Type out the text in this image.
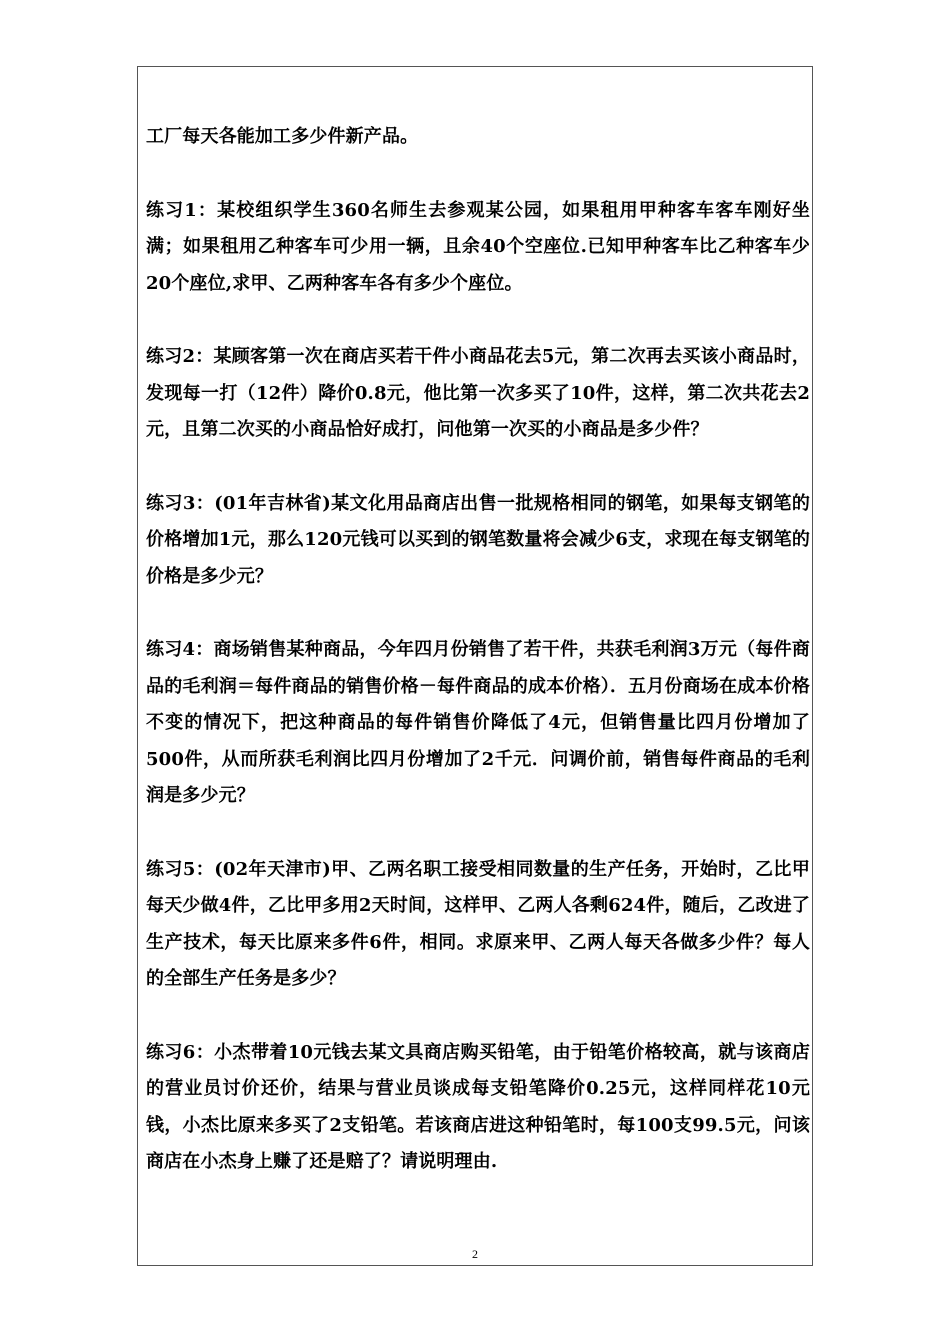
工厂每天各能加工多少件新产品。

练习1：某校组织学生360名师生去参观某公园，如果租用甲种客车客车刚好坐满；如果租用乙种客车可少用一辆，且余40个空座位.已知甲种客车比乙种客车少20个座位,求甲、乙两种客车各有多少个座位。

练习2：某顾客第一次在商店买若干件小商品花去5元，第二次再去买该小商品时，发现每一打（12件）降价0.8元，他比第一次多买了10件，这样，第二次共花去2元，且第二次买的小商品恰好成打，问他第一次买的小商品是多少件？

练习3：(01年吉林省)某文化用品商店出售一批规格相同的钢笔，如果每支钢笔的价格增加1元，那么120元钱可以买到的钢笔数量将会减少6支，求现在每支钢笔的价格是多少元？

练习4：商场销售某种商品，今年四月份销售了若干件，共获毛利润3万元（每件商品的毛利润＝每件商品的销售价格－每件商品的成本价格）．五月份商场在成本价格不变的情况下，把这种商品的每件销售价降低了4元，但销售量比四月份增加了500件，从而所获毛利润比四月份增加了2千元．问调价前，销售每件商品的毛利润是多少元？

练习5：(02年天津市)甲、乙两名职工接受相同数量的生产任务，开始时，乙比甲每天少做4件，乙比甲多用2天时间，这样甲、乙两人各剩624件，随后，乙改进了生产技术，每天比原来多件6件，相同。求原来甲、乙两人每天各做多少件？每人的全部生产任务是多少？

练习6：小杰带着10元钱去某文具商店购买铅笔，由于铅笔价格较高，就与该商店的营业员讨价还价，结果与营业员谈成每支铅笔降价0.25元，这样同样花10元钱，小杰比原来多买了2支铅笔。若该商店进这种铅笔时，每100支99.5元，问该商店在小杰身上赚了还是赔了？请说明理由.

2
